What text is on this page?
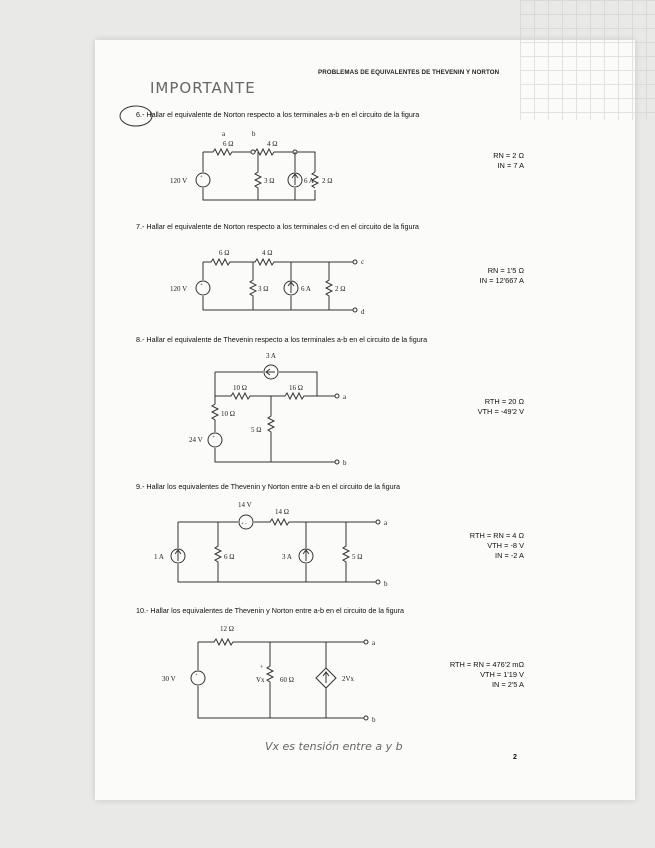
PROBLEMAS DE EQUIVALENTES DE THEVENIN Y NORTON
IMPORTANTE
6.- Hallar el equivalente de Norton respecto a los terminales a-b en el circuito de la figura
a	b
6 Ω	4 Ω
+
120 V	3 Ω	6 A 2 Ω
RN = 2 Ω
IN = 7 A
7.- Hallar el equivalente de Norton respecto a los terminales c-d en el circuito de la figura
6 Ω	4 Ω
c
d
+
120 V	3 Ω	6 A	2 Ω
RN = 1'5 Ω
IN = 12'667 A
8.- Hallar el equivalente de Thevenin respecto a los terminales a-b en el circuito de la figura
3 A
10 Ω	16 Ω
a
10 Ω
+
24 V
b
5 Ω
RTH = 20 Ω
VTH = -49'2 V
9.- Hallar los equivalentes de Thevenin y Norton entre a-b en el circuito de la figura
14 V
14 Ω
+ -	a
b
1 A	6 Ω	3 A	5 Ω
RTH = RN = 4 Ω
VTH = -8 V
IN = -2 A
10.- Hallar los equivalentes de Thevenin y Norton entre a-b en el circuito de la figura
12 Ω
a
b
+
30 V
+
Vx 60 Ω	2Vx
RTH = RN = 476'2 mΩ
VTH = 1'19 V
IN = 2'5 A
Vx es tensión entre a y b
2
